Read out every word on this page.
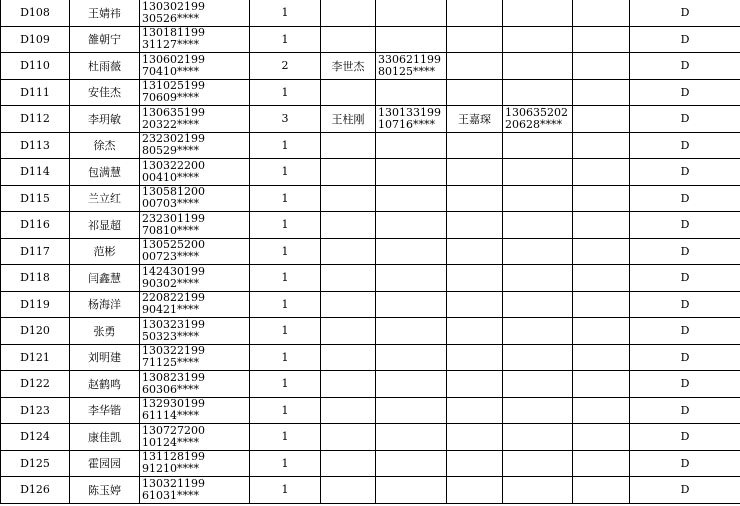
D108	王婧祎	130302199
30526****	1						D
D109	雒朝宁	130181199
31127****	1						D
D110	杜雨薇	130602199
70410****	2	李世杰	330621199
80125****				D
D111	安佳杰	131025199
70609****	1						D
D112	李玥敏	130635199
20322****	3	王柱刚	130133199
10716****	王嘉琛	130635202
20628****		D
D113	徐杰	232302199
80529****	1						D
D114	包满慧	130322200
00410****	1						D
D115	兰立红	130581200
00703****	1						D
D116	祁显超	232301199
70810****	1						D
D117	范彬	130525200
00723****	1						D
D118	闫鑫慧	142430199
90302****	1						D
D119	杨海洋	220822199
90421****	1						D
D120	张勇	130323199
50323****	1						D
D121	刘明建	130322199
71125****	1						D
D122	赵鹤鸣	130823199
60306****	1						D
D123	李华锴	132930199
61114****	1						D
D124	康佳凯	130727200
10124****	1						D
D125	霍园园	131128199
91210****	1						D
D126	陈玉婷	130321199
61031****	1						D
